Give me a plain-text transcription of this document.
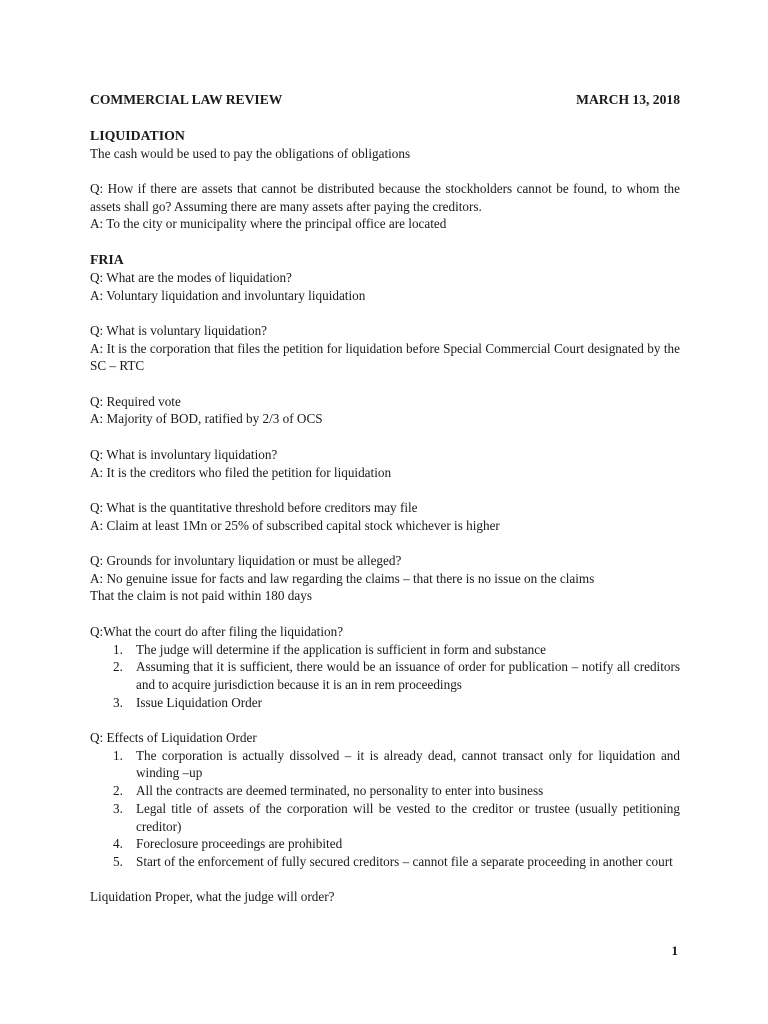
COMMERCIAL LAW REVIEW	MARCH 13, 2018
LIQUIDATION
The cash would be used to pay the obligations of obligations
Q: How if there are assets that cannot be distributed because the stockholders cannot be found, to whom the assets shall go? Assuming there are many assets after paying the creditors.
A: To the city or municipality where the principal office are located
FRIA
Q: What are the modes of liquidation?
A: Voluntary liquidation and involuntary liquidation
Q: What is voluntary liquidation?
A: It is the corporation that files the petition for liquidation before Special Commercial Court designated by the SC – RTC
Q: Required vote
A: Majority of BOD, ratified by 2/3 of OCS
Q: What is involuntary liquidation?
A: It is the creditors who filed the petition for liquidation
Q: What is the quantitative threshold before creditors may file
A: Claim at least 1Mn or 25% of subscribed capital stock whichever is higher
Q: Grounds for involuntary liquidation or must be alleged?
A: No genuine issue for facts and law regarding the claims – that there is no issue on the claims
That the claim is not paid within 180 days
Q:What the court do after filing the liquidation?
1. The judge will determine if the application is sufficient in form and substance
2. Assuming that it is sufficient, there would be an issuance of order for publication – notify all creditors and to acquire jurisdiction because it is an in rem proceedings
3. Issue Liquidation Order
Q: Effects of Liquidation Order
1. The corporation is actually dissolved – it is already dead, cannot transact only for liquidation and winding –up
2. All the contracts are deemed terminated, no personality to enter into business
3. Legal title of assets of the corporation will be vested to the creditor or trustee (usually petitioning creditor)
4. Foreclosure proceedings are prohibited
5. Start of the enforcement of fully secured creditors – cannot file a separate proceeding in another court
Liquidation Proper, what the judge will order?
1
